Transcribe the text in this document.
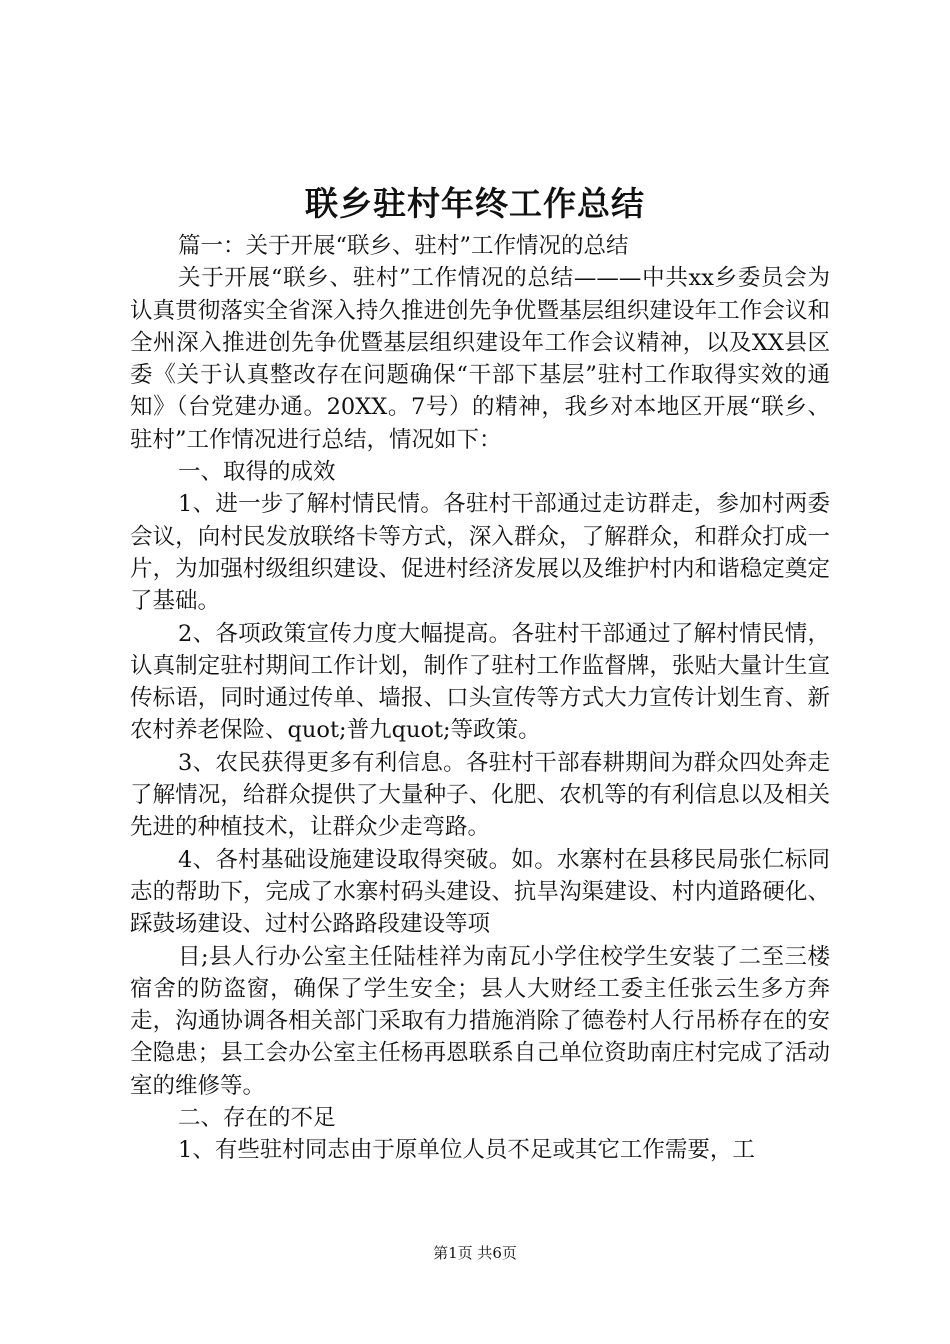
联乡驻村年终工作总结

篇一：关于开展“联乡、驻村”工作情况的总结

关于开展“联乡、驻村”工作情况的总结———中共xx乡委员会为认真贯彻落实全省深入持久推进创先争优暨基层组织建设年工作会议和全州深入推进创先争优暨基层组织建设年工作会议精神，以及XX县区委《关于认真整改存在问题确保“干部下基层”驻村工作取得实效的通知》（台党建办通。20XX。7号）的精神，我乡对本地区开展“联乡、驻村”工作情况进行总结，情况如下：

一、取得的成效

1、进一步了解村情民情。各驻村干部通过走访群走，参加村两委会议，向村民发放联络卡等方式，深入群众，了解群众，和群众打成一片，为加强村级组织建设、促进村经济发展以及维护村内和谐稳定奠定了基础。

2、各项政策宣传力度大幅提高。各驻村干部通过了解村情民情，认真制定驻村期间工作计划，制作了驻村工作监督牌，张贴大量计生宣传标语，同时通过传单、墙报、口头宣传等方式大力宣传计划生育、新农村养老保险、quot;普九quot;等政策。

3、农民获得更多有利信息。各驻村干部春耕期间为群众四处奔走了解情况，给群众提供了大量种子、化肥、农机等的有利信息以及相关先进的种植技术，让群众少走弯路。

4、各村基础设施建设取得突破。如。水寨村在县移民局张仁标同志的帮助下，完成了水寨村码头建设、抗旱沟渠建设、村内道路硬化、踩鼓场建设、过村公路路段建设等项

目;县人行办公室主任陆桂祥为南瓦小学住校学生安装了二至三楼宿舍的防盗窗，确保了学生安全；县人大财经工委主任张云生多方奔走，沟通协调各相关部门采取有力措施消除了德卷村人行吊桥存在的安全隐患；县工会办公室主任杨再恩联系自己单位资助南庄村完成了活动室的维修等。

二、存在的不足

1、有些驻村同志由于原单位人员不足或其它工作需要，工

第1页 共6页
